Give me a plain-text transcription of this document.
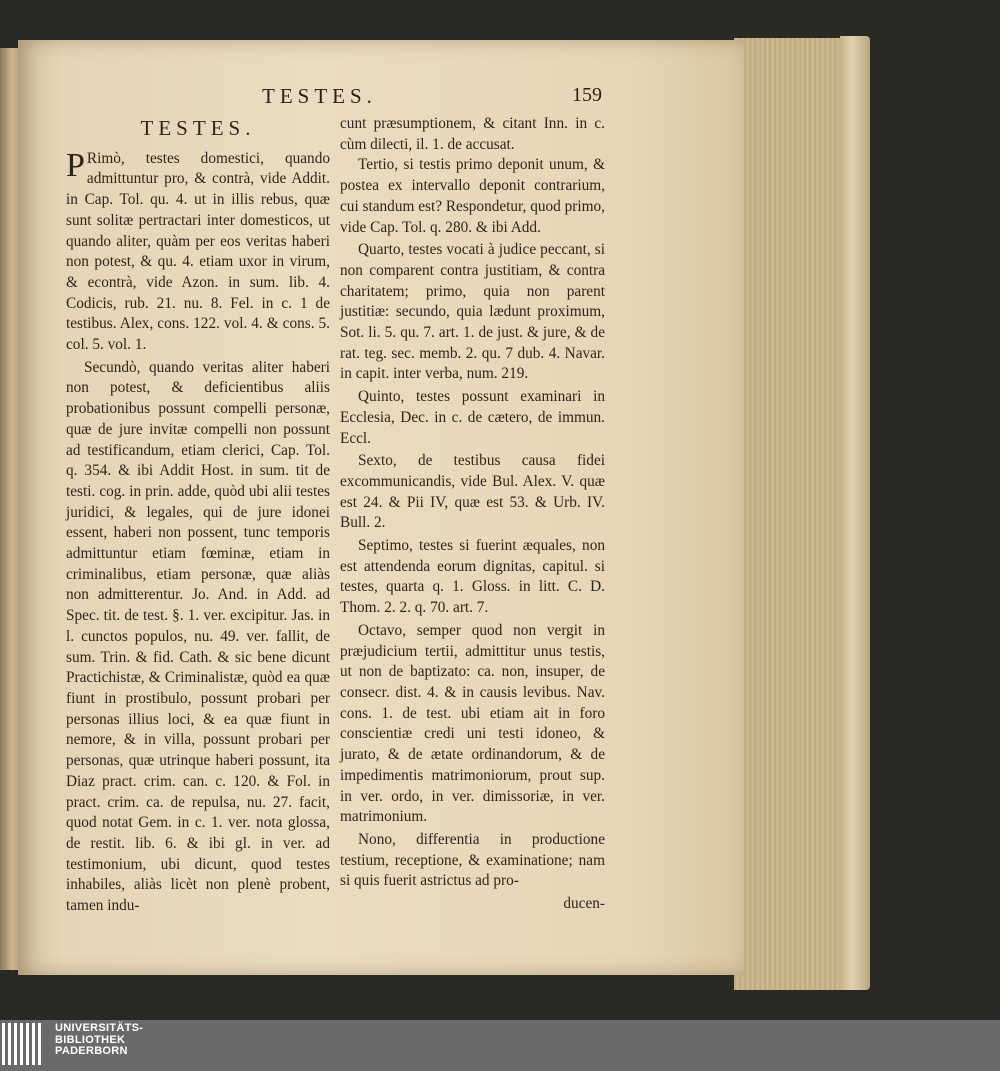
TESTES.	159
TESTES.

P Rimò, testes domestici, quando admittuntur pro, & contrà, vide Addit. in Cap. Tol. qu. 4. ut in illis rebus, quæ sunt solitæ pertractari inter domesticos, ut quando aliter, quàm per eos veritas haberi non potest, & qu. 4. etiam uxor in virum, & econtrà, vide Azon. in sum. lib. 4. Codicis, rub. 21. nu. 8. Fel. in c. 1 de testibus. Alex, cons. 122. vol. 4. & cons. 5. col. 5. vol. 1.

Secundò, quando veritas aliter haberi non potest, & deficientibus aliis probationibus possunt compelli personæ, quæ de jure invitæ compelli non possunt ad testificandum, etiam clerici, Cap. Tol. q. 354. & ibi Addit Host. in sum. tit de testi. cog. in prin. adde, quòd ubi alii testes juridici, & legales, qui de jure idonei essent, haberi non possent, tunc temporis admittuntur etiam fœminæ, etiam in criminalibus, etiam personæ, quæ aliàs non admitterentur. Jo. And. in Add. ad Spec. tit. de test. §. 1. ver. excipitur. Jas. in l. cunctos populos, nu. 49. ver. fallit, de sum. Trin. & fid. Cath. & sic bene dicunt Practichistæ, & Criminalistæ, quòd ea quæ fiunt in prostibulo, possunt probari per personas illius loci, & ea quæ fiunt in nemore, & in villa, possunt probari per personas, quæ utrinque haberi possunt, ita Diaz pract. crim. can. c. 120. & Fol. in pract. crim. ca. de repulsa, nu. 27. facit, quod notat Gem. in c. 1. ver. nota glossa, de restit. lib. 6. & ibi gl. in ver. ad testimonium, ubi dicunt, quod testes inhabiles, aliàs licèt non plenè probent, tamen indu-

cunt præsumptionem, & citant Inn. in c. cùm dilecti, il. 1. de accusat.

Tertio, si testis primo deponit unum, & postea ex intervallo deponit contrarium, cui standum est? Respondetur, quod primo, vide Cap. Tol. q. 280. & ibi Add.

Quarto, testes vocati à judice peccant, si non comparent contra justitiam, & contra charitatem; primo, quia non parent justitiæ: secundo, quia lædunt proximum, Sot. li. 5. qu. 7. art. 1. de just. & jure, & de rat. teg. sec. memb. 2. qu. 7 dub. 4. Navar. in capit. inter verba, num. 219.

Quinto, testes possunt examinari in Ecclesia, Dec. in c. de cætero, de immun. Eccl.

Sexto, de testibus causa fidei excommunicandis, vide Bul. Alex. V. quæ est 24. & Pii IV, quæ est 53. & Urb. IV. Bull. 2.

Septimo, testes si fuerint æquales, non est attendenda eorum dignitas, capitul. si testes, quarta q. 1. Gloss. in litt. C. D. Thom. 2. 2. q. 70. art. 7.

Octavo, semper quod non vergit in præjudicium tertii, admittitur unus testis, ut non de baptizato: ca. non, insuper, de consecr. dist. 4. & in causis levibus. Nav. cons. 1. de test. ubi etiam ait in foro conscientiæ credi uni testi idoneo, & jurato, & de ætate ordinandorum, & de impedimentis matrimoniorum, prout sup. in ver. ordo, in ver. dimissoriæ, in ver. matrimonium.

Nono, differentia in productione testium, receptione, & examinatione; nam si quis fuerit astrictus ad pro-

ducen-

UNIVERSITÄTS-
BIBLIOTHEK
PADERBORN
